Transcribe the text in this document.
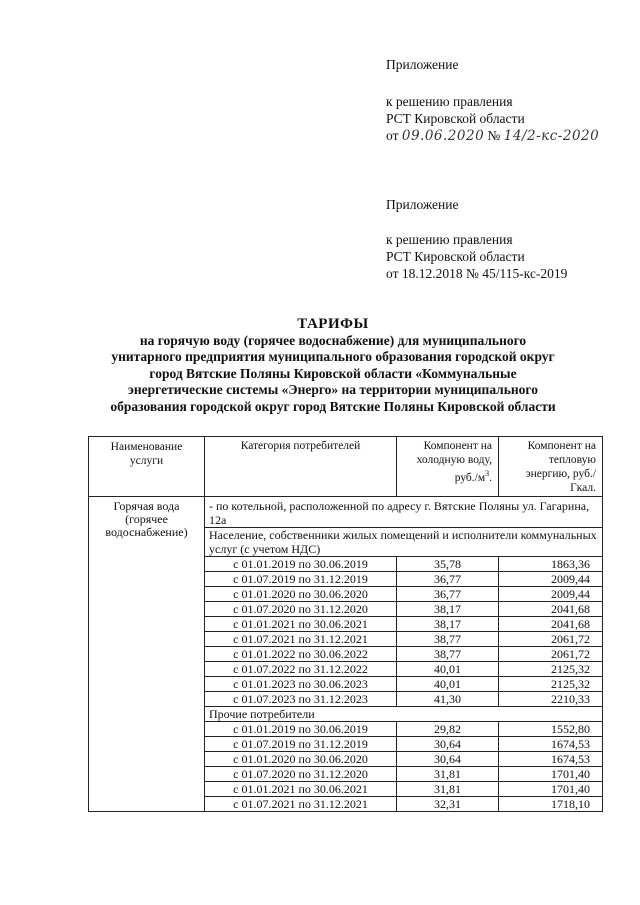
Приложение
к решению правления
РСТ Кировской области
от 09.06.2020 № 14/2-кс-2020
Приложение
к решению правления
РСТ Кировской области
от 18.12.2018 № 45/115-кс-2019
ТАРИФЫ
на горячую воду (горячее водоснабжение) для муниципального
унитарного предприятия муниципального образования городской округ
город Вятские Поляны Кировской области «Коммунальные
энергетические системы «Энерго» на территории муниципального
образования городской округ город Вятские Поляны Кировской области
Наименование услуги	Категория потребителей	Компонент на холодную воду, $руб./м^3$.	Компонент на тепловую энергию, руб./Гкал.
Горячая вода (горячее водоснабжение)	- по котельной, расположенной по адресу г. Вятские Поляны ул. Гагарина, 12а		
	Население, собственники жилых помещений и исполнители коммунальных услуг (с учетом НДС)		
	с 01.01.2019 по 30.06.2019	35,78	1863,36
	с 01.07.2019 по 31.12.2019	36,77	2009,44
	с 01.01.2020 по 30.06.2020	36,77	2009,44
	с 01.07.2020 по 31.12.2020	38,17	2041,68
	с 01.01.2021 по 30.06.2021	38,17	2041,68
	с 01.07.2021 по 31.12.2021	38,77	2061,72
	с 01.01.2022 по 30.06.2022	38,77	2061,72
	с 01.07.2022 по 31.12.2022	40,01	2125,32
	с 01.01.2023 по 30.06.2023	40,01	2125,32
	с 01.07.2023 по 31.12.2023	41,30	2210,33
	Прочие потребители		
	с 01.01.2019 по 30.06.2019	29,82	1552,80
	с 01.07.2019 по 31.12.2019	30,64	1674,53
	с 01.01.2020 по 30.06.2020	30,64	1674,53
	с 01.07.2020 по 31.12.2020	31,81	1701,40
	с 01.01.2021 по 30.06.2021	31,81	1701,40
	с 01.07.2021 по 31.12.2021	32,31	1718,10
